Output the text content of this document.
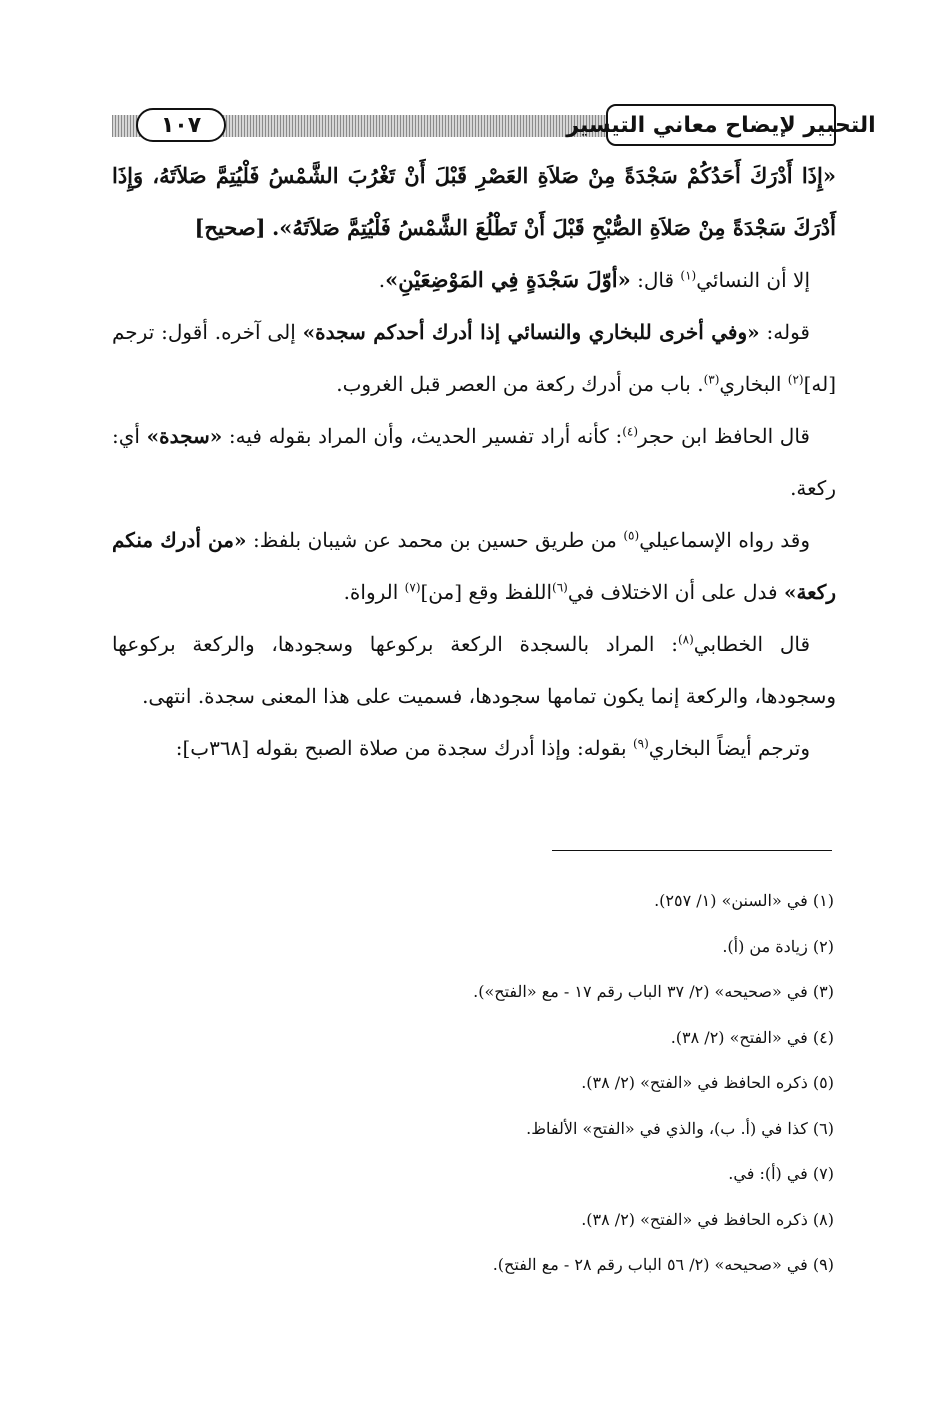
التحبير لإيضاح معاني التيسير
١٠٧

«إِذَا أَدْرَكَ أَحَدُكُمْ سَجْدَةً مِنْ صَلاَةِ العَصْرِ قَبْلَ أَنْ تَغْرُبَ الشَّمْسُ فَلْيُتِمَّ صَلاَتَهُ، وَإِذَا أَدْرَكَ سَجْدَةً مِنْ صَلاَةِ الصُّبْحِ قَبْلَ أَنْ تَطْلُعَ الشَّمْسُ فَلْيُتِمَّ صَلاَتَهُ». [صحيح]

إلا أن النسائي$^{(١)}$ قال: «أوّلَ سَجْدَةٍ فِي المَوْضِعَيْنِ».

قوله: «وفي أخرى للبخاري والنسائي إذا أدرك أحدكم سجدة» إلى آخره. أقول: ترجم [له]$^{(٢)}$ البخاري$^{(٣)}$. باب من أدرك ركعة من العصر قبل الغروب.

قال الحافظ ابن حجر$^{(٤)}$: كأنه أراد تفسير الحديث، وأن المراد بقوله فيه: «سجدة» أي: ركعة.

وقد رواه الإسماعيلي$^{(٥)}$ من طريق حسين بن محمد عن شيبان بلفظ: «من أدرك منكم ركعة» فدل على أن الاختلاف في$^{(٦)}$اللفظ وقع [من]$^{(٧)}$ الرواة.

قال الخطابي$^{(٨)}$: المراد بالسجدة الركعة بركوعها وسجودها، والركعة بركوعها وسجودها، والركعة إنما يكون تمامها سجودها، فسميت على هذا المعنى سجدة. انتهى.

وترجم أيضاً البخاري$^{(٩)}$ بقوله: وإذا أدرك سجدة من صلاة الصبح بقوله [٣٦٨ب]:

(١) في «السنن» (١/ ٢٥٧).
(٢) زيادة من (أ).
(٣) في «صحيحه» (٢/ ٣٧ الباب رقم ١٧ - مع «الفتح»).
(٤) في «الفتح» (٢/ ٣٨).
(٥) ذكره الحافظ في «الفتح» (٢/ ٣٨).
(٦) كذا في (أ. ب)، والذي في «الفتح» الألفاظ.
(٧) في (أ): في.
(٨) ذكره الحافظ في «الفتح» (٢/ ٣٨).
(٩) في «صحيحه» (٢/ ٥٦ الباب رقم ٢٨ - مع الفتح).
